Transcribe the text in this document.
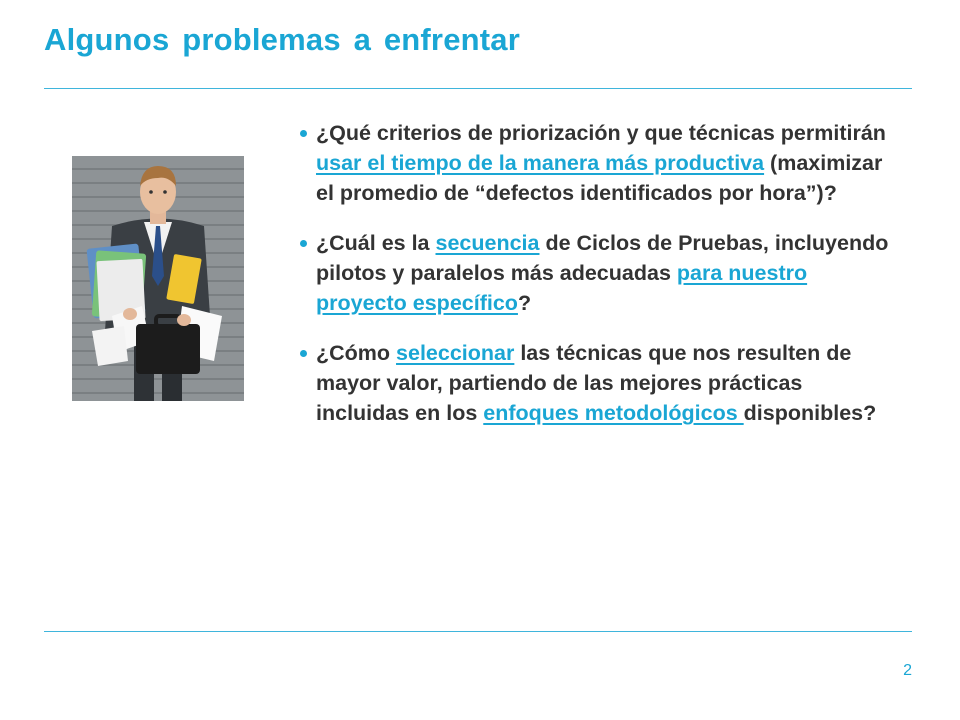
Algunos problemas a enfrentar
¿Qué criterios de priorización y que técnicas permitirán usar el tiempo de la manera más productiva (maximizar el promedio de “defectos identificados por hora”)?
¿Cuál es la secuencia de Ciclos de Pruebas, incluyendo pilotos y paralelos más adecuadas para nuestro proyecto específico?
¿Cómo seleccionar las técnicas que nos resulten de mayor valor, partiendo de las mejores prácticas incluidas en los enfoques metodológicos disponibles?
2
